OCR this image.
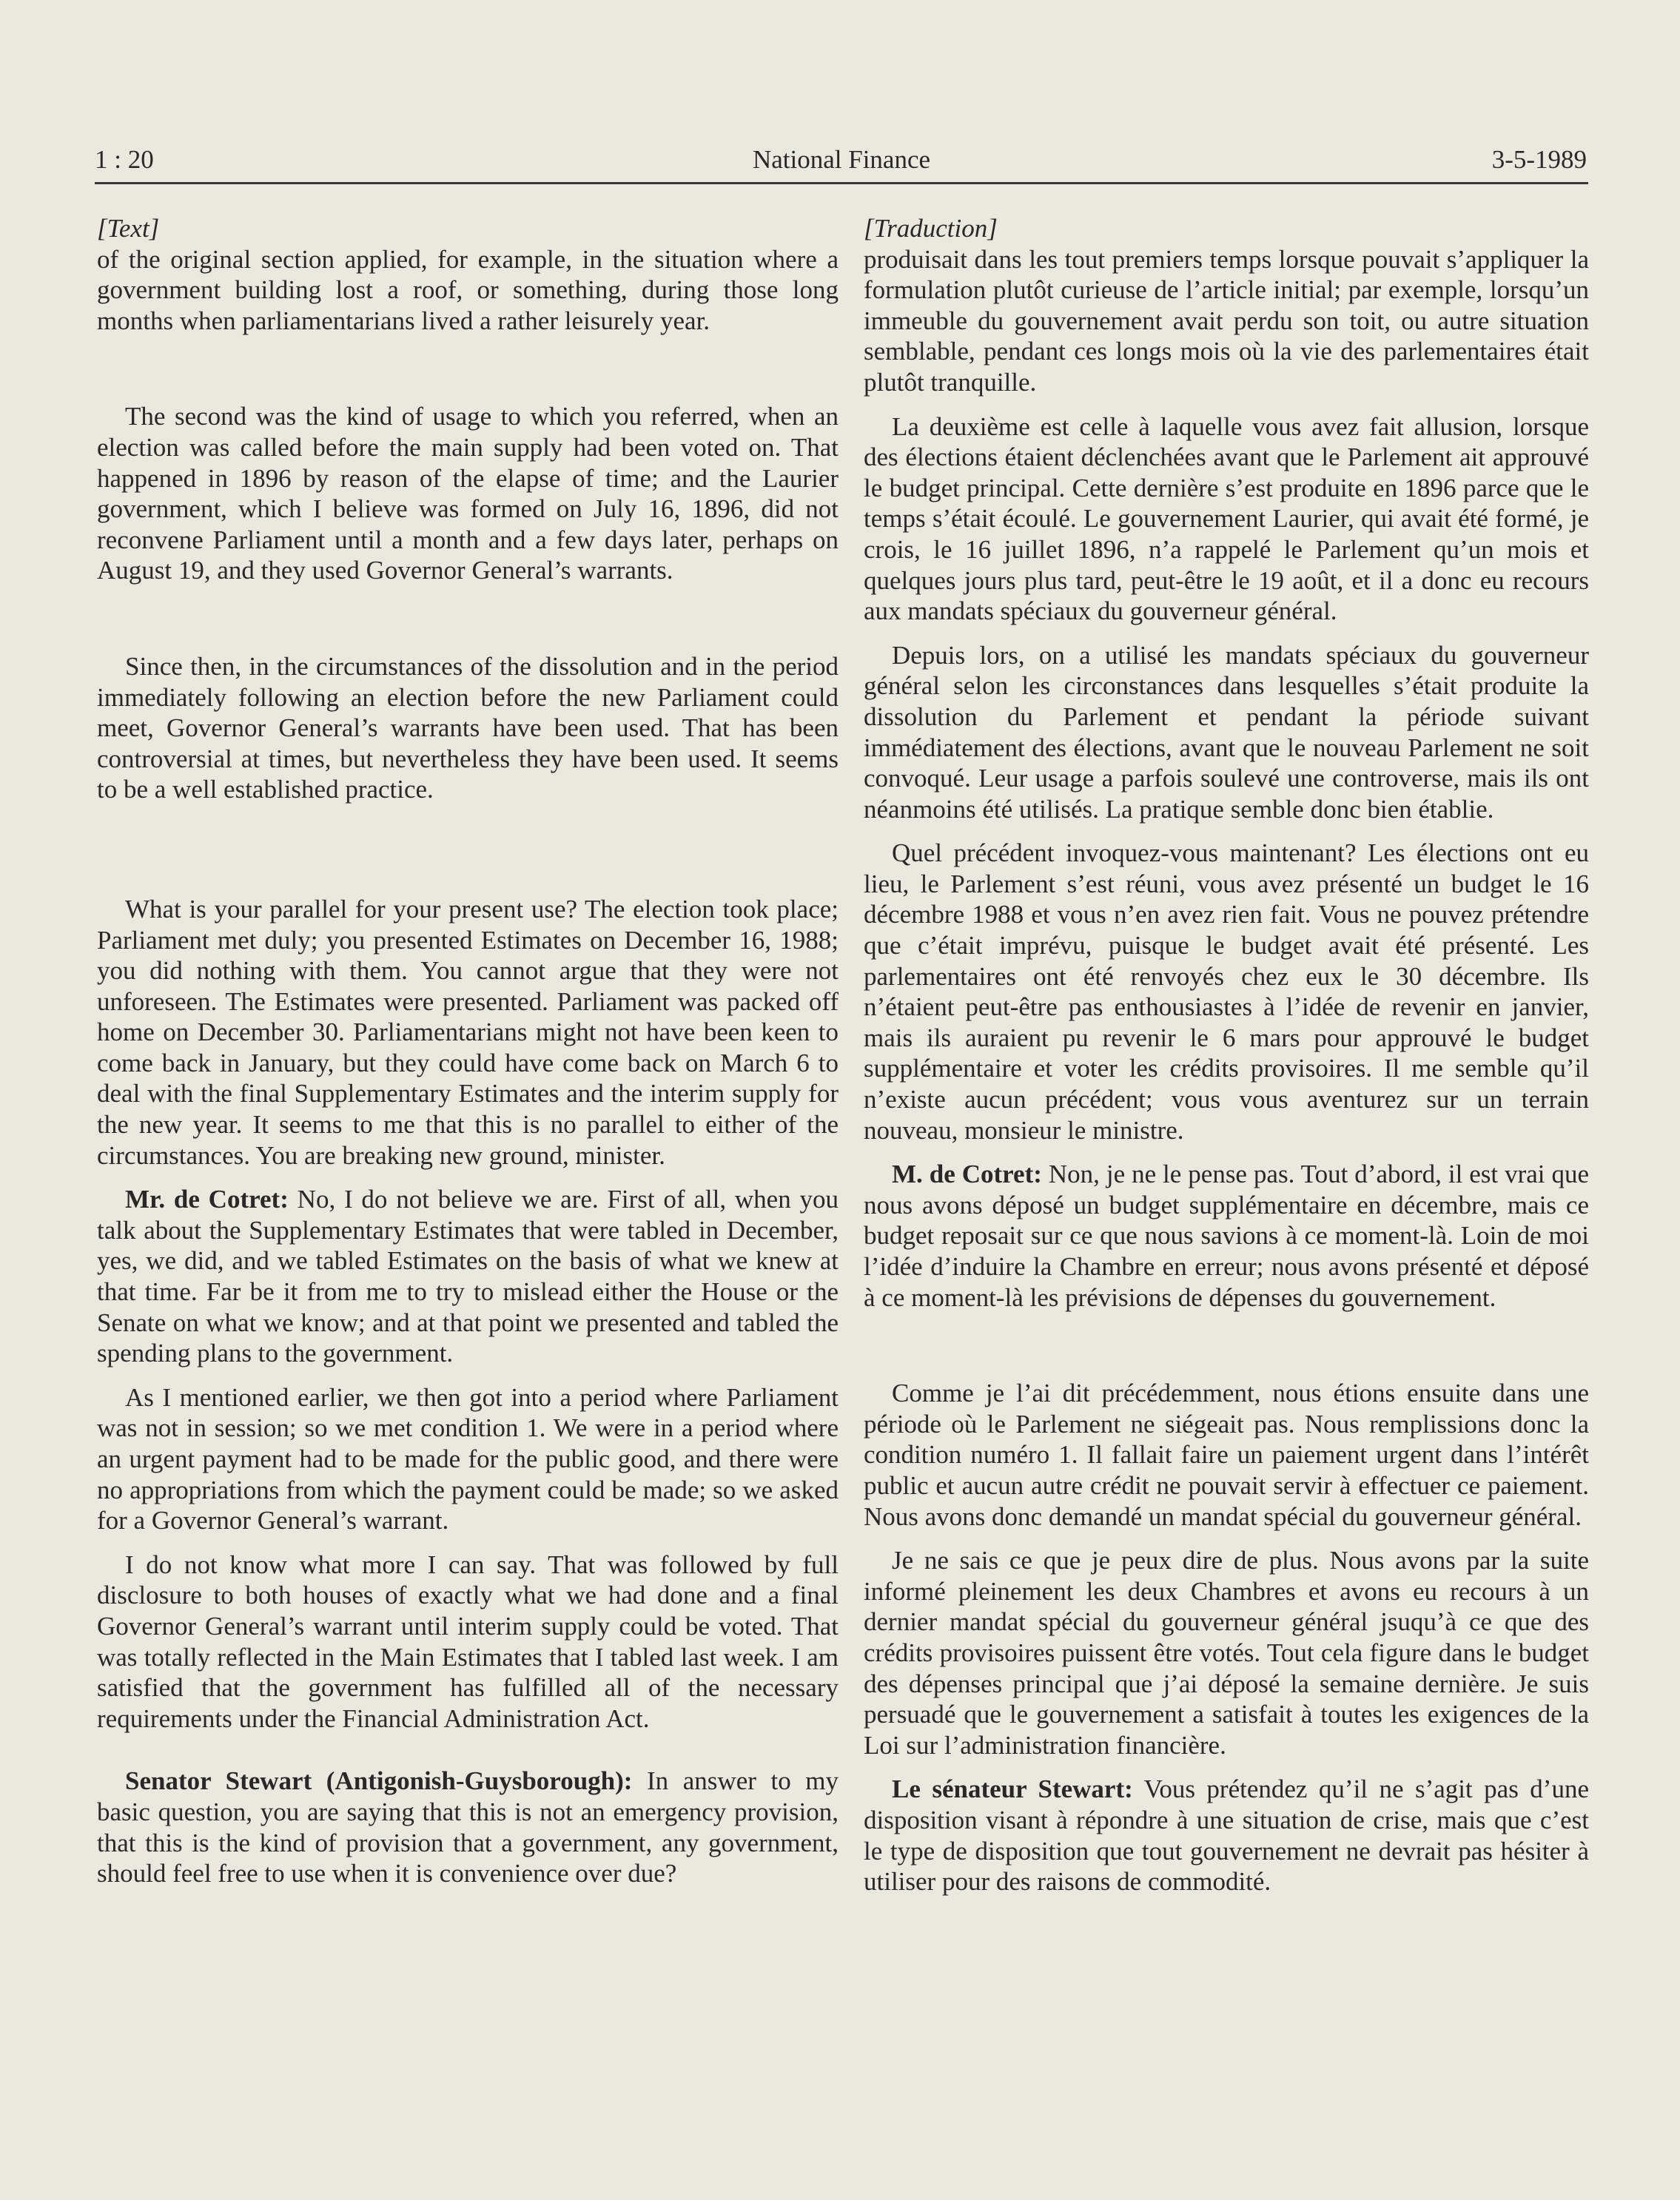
1 : 20	National Finance	3-5-1989

[Text]

of the original section applied, for example, in the situation where a government building lost a roof, or something, during those long months when parliamentarians lived a rather leisurely year.

The second was the kind of usage to which you referred, when an election was called before the main supply had been voted on. That happened in 1896 by reason of the elapse of time; and the Laurier government, which I believe was formed on July 16, 1896, did not reconvene Parliament until a month and a few days later, perhaps on August 19, and they used Governor General’s warrants.

Since then, in the circumstances of the dissolution and in the period immediately following an election before the new Parliament could meet, Governor General’s warrants have been used. That has been controversial at times, but nevertheless they have been used. It seems to be a well established practice.

What is your parallel for your present use? The election took place; Parliament met duly; you presented Estimates on December 16, 1988; you did nothing with them. You cannot argue that they were not unforeseen. The Estimates were presented. Parliament was packed off home on December 30. Parliamentarians might not have been keen to come back in January, but they could have come back on March 6 to deal with the final Supplementary Estimates and the interim supply for the new year. It seems to me that this is no parallel to either of the circumstances. You are breaking new ground, minister.

Mr. de Cotret: No, I do not believe we are. First of all, when you talk about the Supplementary Estimates that were tabled in December, yes, we did, and we tabled Estimates on the basis of what we knew at that time. Far be it from me to try to mislead either the House or the Senate on what we know; and at that point we presented and tabled the spending plans to the government.

As I mentioned earlier, we then got into a period where Parliament was not in session; so we met condition 1. We were in a period where an urgent payment had to be made for the public good, and there were no appropriations from which the payment could be made; so we asked for a Governor General’s warrant.

I do not know what more I can say. That was followed by full disclosure to both houses of exactly what we had done and a final Governor General’s warrant until interim supply could be voted. That was totally reflected in the Main Estimates that I tabled last week. I am satisfied that the government has fulfilled all of the necessary requirements under the Financial Administration Act.

Senator Stewart (Antigonish-Guysborough): In answer to my basic question, you are saying that this is not an emergency provision, that this is the kind of provision that a government, any government, should feel free to use when it is convenience over due?

[Traduction]

produisait dans les tout premiers temps lorsque pouvait s’appliquer la formulation plutôt curieuse de l’article initial; par exemple, lorsqu’un immeuble du gouvernement avait perdu son toit, ou autre situation semblable, pendant ces longs mois où la vie des parlementaires était plutôt tranquille.

La deuxième est celle à laquelle vous avez fait allusion, lorsque des élections étaient déclenchées avant que le Parlement ait approuvé le budget principal. Cette dernière s’est produite en 1896 parce que le temps s’était écoulé. Le gouvernement Laurier, qui avait été formé, je crois, le 16 juillet 1896, n’a rappelé le Parlement qu’un mois et quelques jours plus tard, peut-être le 19 août, et il a donc eu recours aux mandats spéciaux du gouverneur général.

Depuis lors, on a utilisé les mandats spéciaux du gouverneur général selon les circonstances dans lesquelles s’était produite la dissolution du Parlement et pendant la période suivant immédiatement des élections, avant que le nouveau Parlement ne soit convoqué. Leur usage a parfois soulevé une controverse, mais ils ont néanmoins été utilisés. La pratique semble donc bien établie.

Quel précédent invoquez-vous maintenant? Les élections ont eu lieu, le Parlement s’est réuni, vous avez présenté un budget le 16 décembre 1988 et vous n’en avez rien fait. Vous ne pouvez prétendre que c’était imprévu, puisque le budget avait été présenté. Les parlementaires ont été renvoyés chez eux le 30 décembre. Ils n’étaient peut-être pas enthousiastes à l’idée de revenir en janvier, mais ils auraient pu revenir le 6 mars pour approuvé le budget supplémentaire et voter les crédits provisoires. Il me semble qu’il n’existe aucun précédent; vous vous aventurez sur un terrain nouveau, monsieur le ministre.

M. de Cotret: Non, je ne le pense pas. Tout d’abord, il est vrai que nous avons déposé un budget supplémentaire en décembre, mais ce budget reposait sur ce que nous savions à ce moment-là. Loin de moi l’idée d’induire la Chambre en erreur; nous avons présenté et déposé à ce moment-là les prévisions de dépenses du gouvernement.

Comme je l’ai dit précédemment, nous étions ensuite dans une période où le Parlement ne siégeait pas. Nous remplissions donc la condition numéro 1. Il fallait faire un paiement urgent dans l’intérêt public et aucun autre crédit ne pouvait servir à effectuer ce paiement. Nous avons donc demandé un mandat spécial du gouverneur général.

Je ne sais ce que je peux dire de plus. Nous avons par la suite informé pleinement les deux Chambres et avons eu recours à un dernier mandat spécial du gouverneur général jsuqu’à ce que des crédits provisoires puissent être votés. Tout cela figure dans le budget des dépenses principal que j’ai déposé la semaine dernière. Je suis persuadé que le gouvernement a satisfait à toutes les exigences de la Loi sur l’administration financière.

Le sénateur Stewart: Vous prétendez qu’il ne s’agit pas d’une disposition visant à répondre à une situation de crise, mais que c’est le type de disposition que tout gouvernement ne devrait pas hésiter à utiliser pour des raisons de commodité.
